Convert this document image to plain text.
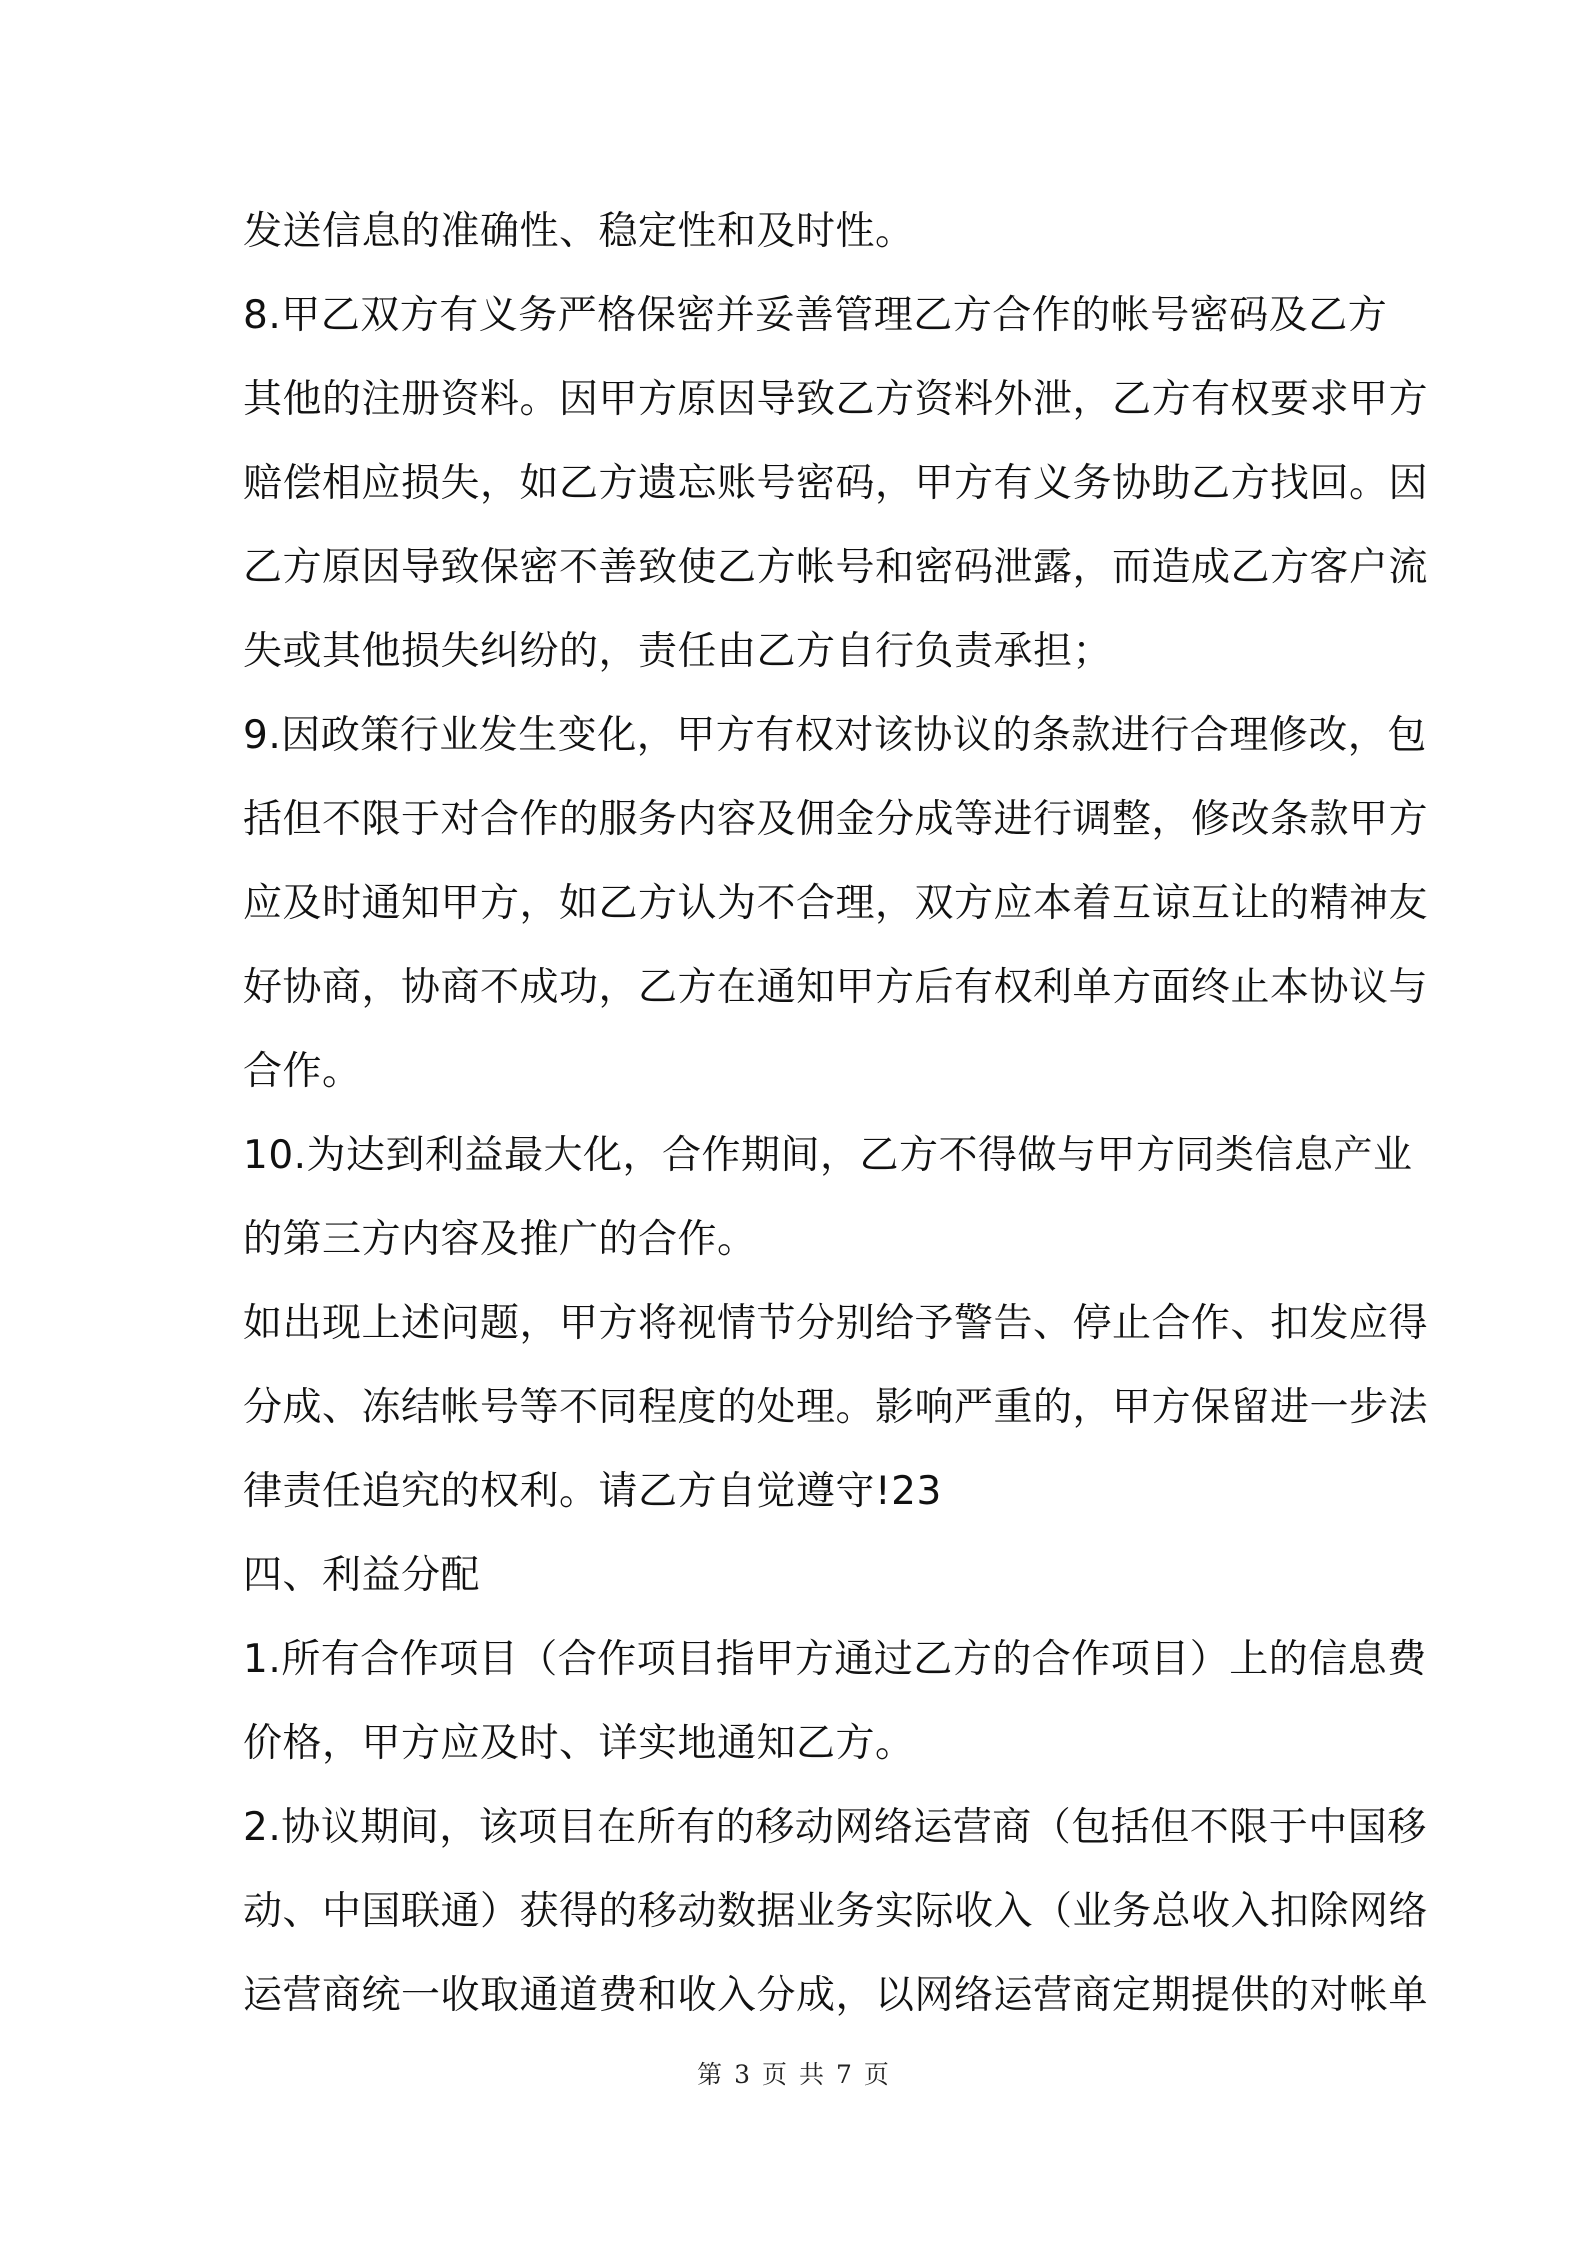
发送信息的准确性、稳定性和及时性。
8.甲乙双方有义务严格保密并妥善管理乙方合作的帐号密码及乙方
其他的注册资料。因甲方原因导致乙方资料外泄，乙方有权要求甲方
赔偿相应损失，如乙方遗忘账号密码，甲方有义务协助乙方找回。因
乙方原因导致保密不善致使乙方帐号和密码泄露，而造成乙方客户流
失或其他损失纠纷的，责任由乙方自行负责承担；
9.因政策行业发生变化，甲方有权对该协议的条款进行合理修改，包
括但不限于对合作的服务内容及佣金分成等进行调整，修改条款甲方
应及时通知甲方，如乙方认为不合理，双方应本着互谅互让的精神友
好协商，协商不成功，乙方在通知甲方后有权利单方面终止本协议与
合作。
10.为达到利益最大化，合作期间，乙方不得做与甲方同类信息产业
的第三方内容及推广的合作。
如出现上述问题，甲方将视情节分别给予警告、停止合作、扣发应得
分成、冻结帐号等不同程度的处理。影响严重的，甲方保留进一步法
律责任追究的权利。请乙方自觉遵守!23
四、利益分配
1.所有合作项目（合作项目指甲方通过乙方的合作项目）上的信息费
价格，甲方应及时、详实地通知乙方。
2.协议期间，该项目在所有的移动网络运营商（包括但不限于中国移
动、中国联通）获得的移动数据业务实际收入（业务总收入扣除网络
运营商统一收取通道费和收入分成，以网络运营商定期提供的对帐单
第 3 页 共 7 页
